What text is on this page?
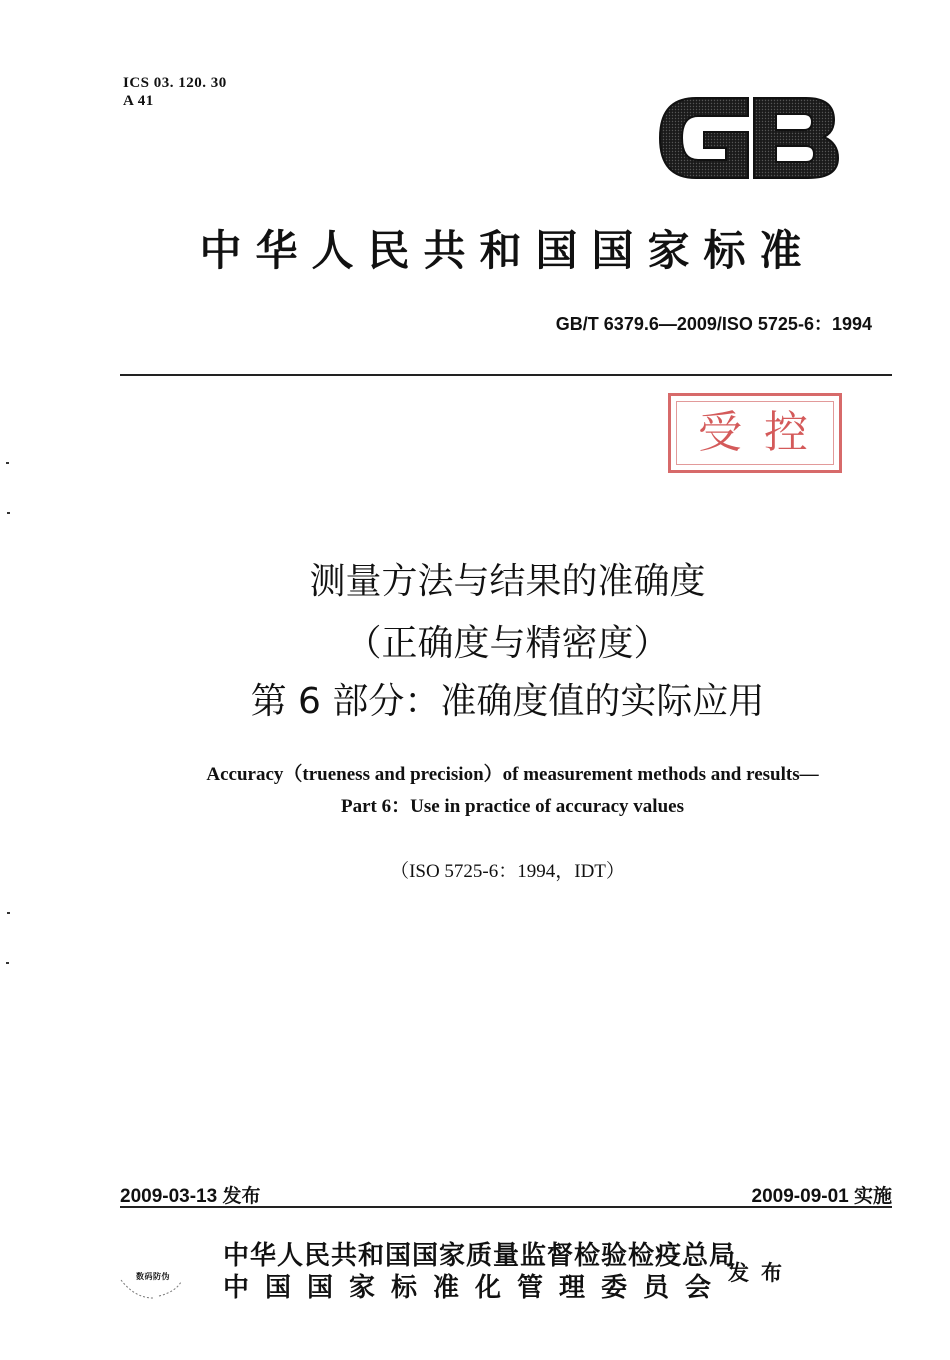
ICS 03. 120. 30
A 41
中华人民共和国国家标准
GB/T 6379.6—2009/ISO 5725-6：1994
受控
测量方法与结果的准确度
（正确度与精密度）
第 6 部分：准确度值的实际应用
Accuracy（trueness and precision）of measurement methods and results—
Part 6：Use in practice of accuracy values
（ISO 5725-6：1994，IDT）
2009-03-13 发布	2009-09-01 实施
数码防伪
中华人民共和国国家质量监督检验检疫总局
中国国家标准化管理委员会
发布
